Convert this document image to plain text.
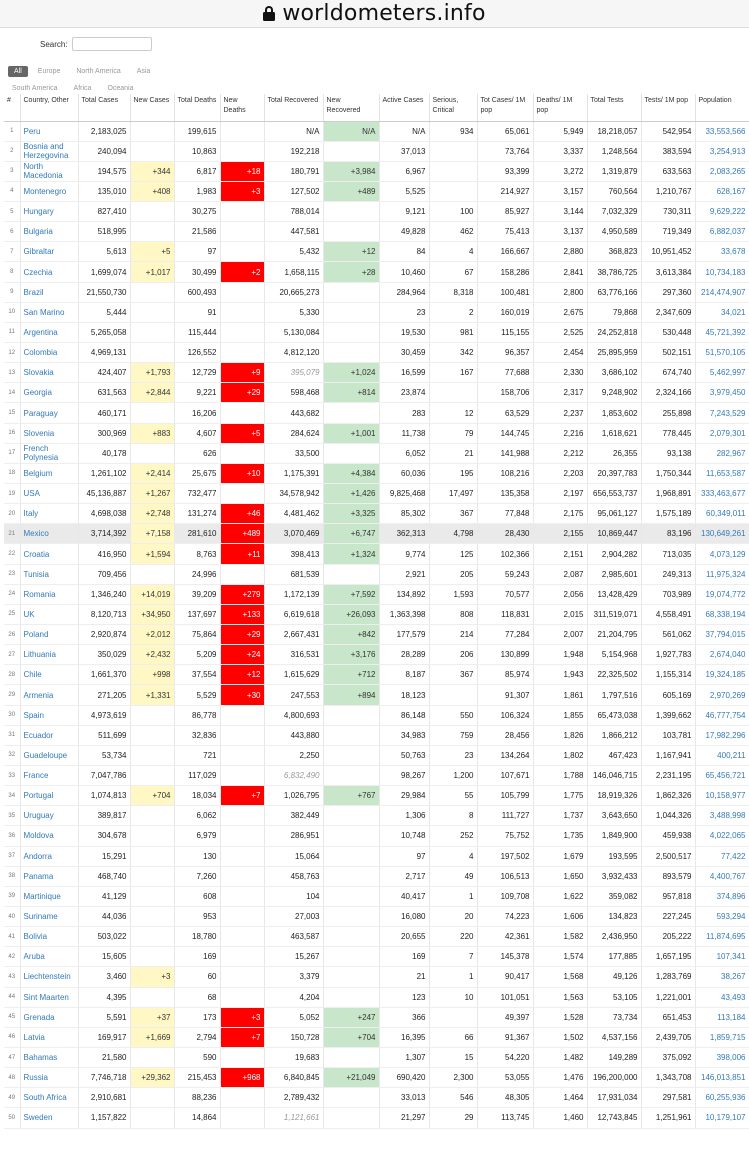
worldometers.info
Search:
All	Europe	North America	Asia
South America	Africa	Oceania
#	Country, Other	Total Cases	New Cases	Total Deaths	New Deaths	Total Recovered	New Recovered	Active Cases	Serious, Critical	Tot Cases/ 1M pop	Deaths/ 1M pop	Total Tests	Tests/ 1M pop	Population
1	Peru	2,183,025		199,615		N/A	N/A	N/A	934	65,061	5,949	18,218,057	542,954	33,553,566
2	Bosnia and Herzegovina	240,094		10,863		192,218		37,013		73,764	3,337	1,248,564	383,594	3,254,913
3	North Macedonia	194,575	+344	6,817	+18	180,791	+3,984	6,967		93,399	3,272	1,319,879	633,563	2,083,265
4	Montenegro	135,010	+408	1,983	+3	127,502	+489	5,525		214,927	3,157	760,564	1,210,767	628,167
5	Hungary	827,410		30,275		788,014		9,121	100	85,927	3,144	7,032,329	730,311	9,629,222
6	Bulgaria	518,995		21,586		447,581		49,828	462	75,413	3,137	4,950,589	719,349	6,882,037
7	Gibraltar	5,613	+5	97		5,432	+12	84	4	166,667	2,880	368,823	10,951,452	33,678
8	Czechia	1,699,074	+1,017	30,499	+2	1,658,115	+28	10,460	67	158,286	2,841	38,786,725	3,613,384	10,734,183
9	Brazil	21,550,730		600,493		20,665,273		284,964	8,318	100,481	2,800	63,776,166	297,360	214,474,907
10	San Marino	5,444		91		5,330		23	2	160,019	2,675	79,868	2,347,609	34,021
11	Argentina	5,265,058		115,444		5,130,084		19,530	981	115,155	2,525	24,252,818	530,448	45,721,392
12	Colombia	4,969,131		126,552		4,812,120		30,459	342	96,357	2,454	25,895,959	502,151	51,570,105
13	Slovakia	424,407	+1,793	12,729	+9	395,079	+1,024	16,599	167	77,688	2,330	3,686,102	674,740	5,462,997
14	Georgia	631,563	+2,844	9,221	+29	598,468	+814	23,874		158,706	2,317	9,248,902	2,324,166	3,979,450
15	Paraguay	460,171		16,206		443,682		283	12	63,529	2,237	1,853,602	255,898	7,243,529
16	Slovenia	300,969	+883	4,607	+5	284,624	+1,001	11,738	79	144,745	2,216	1,618,621	778,445	2,079,301
17	French Polynesia	40,178		626		33,500		6,052	21	141,988	2,212	26,355	93,138	282,967
18	Belgium	1,261,102	+2,414	25,675	+10	1,175,391	+4,384	60,036	195	108,216	2,203	20,397,783	1,750,344	11,653,587
19	USA	45,136,887	+1,267	732,477		34,578,942	+1,426	9,825,468	17,497	135,358	2,197	656,553,737	1,968,891	333,463,677
20	Italy	4,698,038	+2,748	131,274	+46	4,481,462	+3,325	85,302	367	77,848	2,175	95,061,127	1,575,189	60,349,011
21	Mexico	3,714,392	+7,158	281,610	+489	3,070,469	+6,747	362,313	4,798	28,430	2,155	10,869,447	83,196	130,649,261
22	Croatia	416,950	+1,594	8,763	+11	398,413	+1,324	9,774	125	102,366	2,151	2,904,282	713,035	4,073,129
23	Tunisia	709,456		24,996		681,539		2,921	205	59,243	2,087	2,985,601	249,313	11,975,324
24	Romania	1,346,240	+14,019	39,209	+279	1,172,139	+7,592	134,892	1,593	70,577	2,056	13,428,429	703,989	19,074,772
25	UK	8,120,713	+34,950	137,697	+133	6,619,618	+26,093	1,363,398	808	118,831	2,015	311,519,071	4,558,491	68,338,194
26	Poland	2,920,874	+2,012	75,864	+29	2,667,431	+842	177,579	214	77,284	2,007	21,204,795	561,062	37,794,015
27	Lithuania	350,029	+2,432	5,209	+24	316,531	+3,176	28,289	206	130,899	1,948	5,154,968	1,927,783	2,674,040
28	Chile	1,661,370	+998	37,554	+12	1,615,629	+712	8,187	367	85,974	1,943	22,325,502	1,155,314	19,324,185
29	Armenia	271,205	+1,331	5,529	+30	247,553	+894	18,123		91,307	1,861	1,797,516	605,169	2,970,269
30	Spain	4,973,619		86,778		4,800,693		86,148	550	106,324	1,855	65,473,038	1,399,662	46,777,754
31	Ecuador	511,699		32,836		443,880		34,983	759	28,456	1,826	1,866,212	103,781	17,982,296
32	Guadeloupe	53,734		721		2,250		50,763	23	134,264	1,802	467,423	1,167,941	400,211
33	France	7,047,786		117,029		6,832,490		98,267	1,200	107,671	1,788	146,046,715	2,231,195	65,456,721
34	Portugal	1,074,813	+704	18,034	+7	1,026,795	+767	29,984	55	105,799	1,775	18,919,326	1,862,326	10,158,977
35	Uruguay	389,817		6,062		382,449		1,306	8	111,727	1,737	3,643,650	1,044,326	3,488,998
36	Moldova	304,678		6,979		286,951		10,748	252	75,752	1,735	1,849,900	459,938	4,022,065
37	Andorra	15,291		130		15,064		97	4	197,502	1,679	193,595	2,500,517	77,422
38	Panama	468,740		7,260		458,763		2,717	49	106,513	1,650	3,932,433	893,579	4,400,767
39	Martinique	41,129		608		104		40,417	1	109,708	1,622	359,082	957,818	374,896
40	Suriname	44,036		953		27,003		16,080	20	74,223	1,606	134,823	227,245	593,294
41	Bolivia	503,022		18,780		463,587		20,655	220	42,361	1,582	2,436,950	205,222	11,874,695
42	Aruba	15,605		169		15,267		169	7	145,378	1,574	177,885	1,657,195	107,341
43	Liechtenstein	3,460	+3	60		3,379		21	1	90,417	1,568	49,126	1,283,769	38,267
44	Sint Maarten	4,395		68		4,204		123	10	101,051	1,563	53,105	1,221,001	43,493
45	Grenada	5,591	+37	173	+3	5,052	+247	366		49,397	1,528	73,734	651,453	113,184
46	Latvia	169,917	+1,669	2,794	+7	150,728	+704	16,395	66	91,367	1,502	4,537,156	2,439,705	1,859,715
47	Bahamas	21,580		590		19,683		1,307	15	54,220	1,482	149,289	375,092	398,006
48	Russia	7,746,718	+29,362	215,453	+968	6,840,845	+21,049	690,420	2,300	53,055	1,476	196,200,000	1,343,708	146,013,851
49	South Africa	2,910,681		88,236		2,789,432		33,013	546	48,305	1,464	17,931,034	297,581	60,255,936
50	Sweden	1,157,822		14,864		1,121,661		21,297	29	113,745	1,460	12,743,845	1,251,961	10,179,107
